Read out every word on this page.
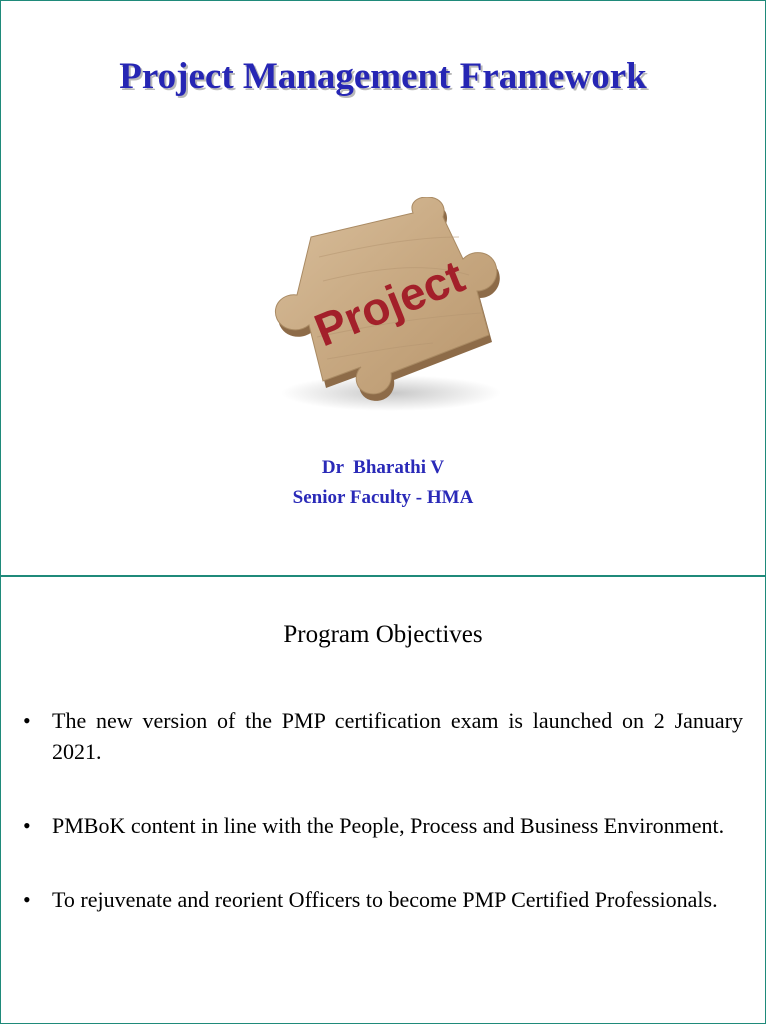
Project Management Framework
Project
Dr  Bharathi V
Senior Faculty - HMA
Program Objectives
• The new version of the PMP certification exam is launched on 2 January 2021.
• PMBoK content in line with the People, Process and Business Environment.
• To rejuvenate and reorient Officers to become PMP Certified Professionals.
